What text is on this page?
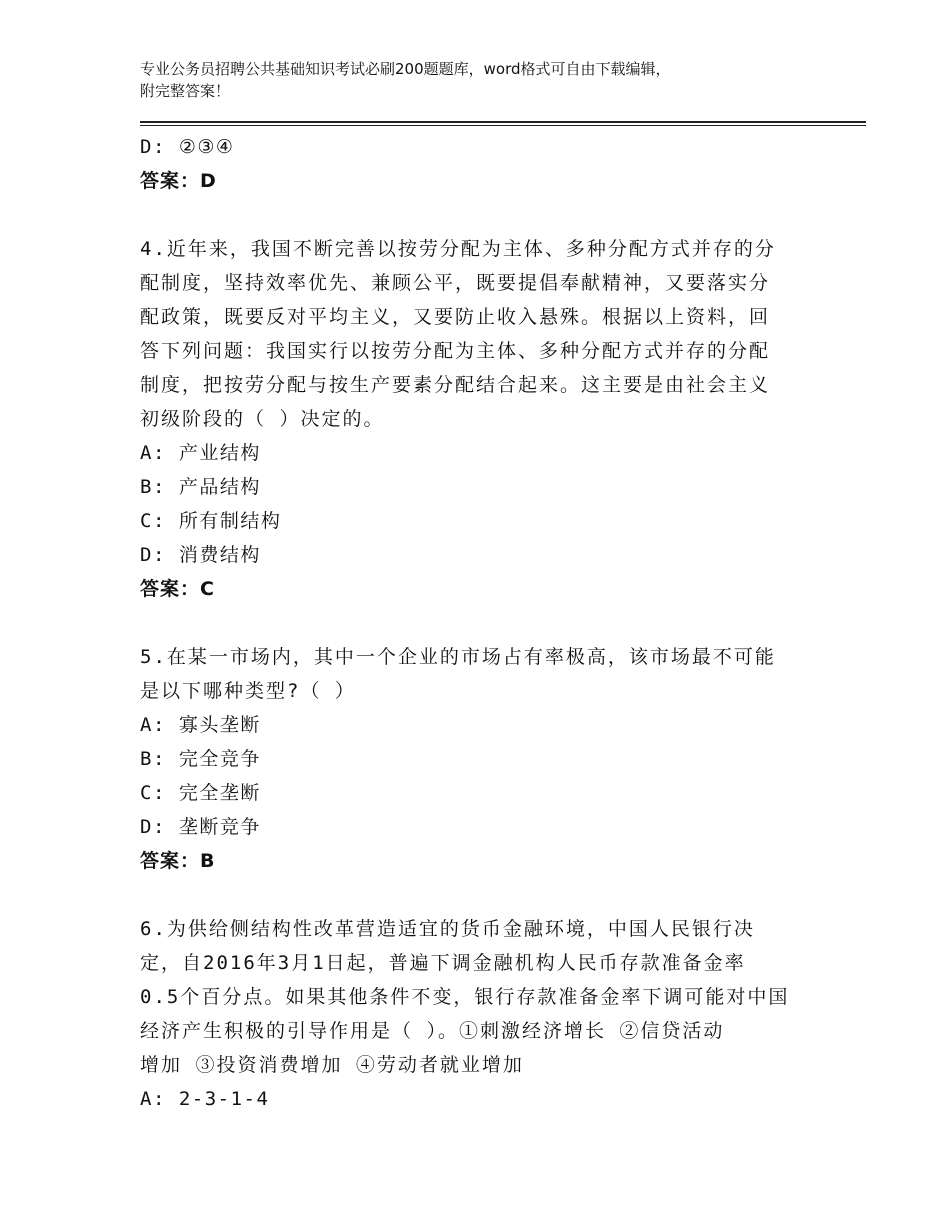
专业公务员招聘公共基础知识考试必刷200题题库，word格式可自由下载编辑，
附完整答案！
D: ②③④
答案：D
4.近年来，我国不断完善以按劳分配为主体、多种分配方式并存的分
配制度，坚持效率优先、兼顾公平，既要提倡奉献精神，又要落实分
配政策，既要反对平均主义，又要防止收入悬殊。根据以上资料，回
答下列问题：我国实行以按劳分配为主体、多种分配方式并存的分配
制度，把按劳分配与按生产要素分配结合起来。这主要是由社会主义
初级阶段的（ ）决定的。
A: 产业结构
B: 产品结构
C: 所有制结构
D: 消费结构
答案：C
5.在某一市场内，其中一个企业的市场占有率极高，该市场最不可能
是以下哪种类型?（ ）
A: 寡头垄断
B: 完全竞争
C: 完全垄断
D: 垄断竞争
答案：B
6.为供给侧结构性改革营造适宜的货币金融环境，中国人民银行决
定，自2016年3月1日起，普遍下调金融机构人民币存款准备金率
0.5个百分点。如果其他条件不变，银行存款准备金率下调可能对中国
经济产生积极的引导作用是（ ）。①刺激经济增长 ②信贷活动
增加 ③投资消费增加 ④劳动者就业增加
A: 2-3-1-4
